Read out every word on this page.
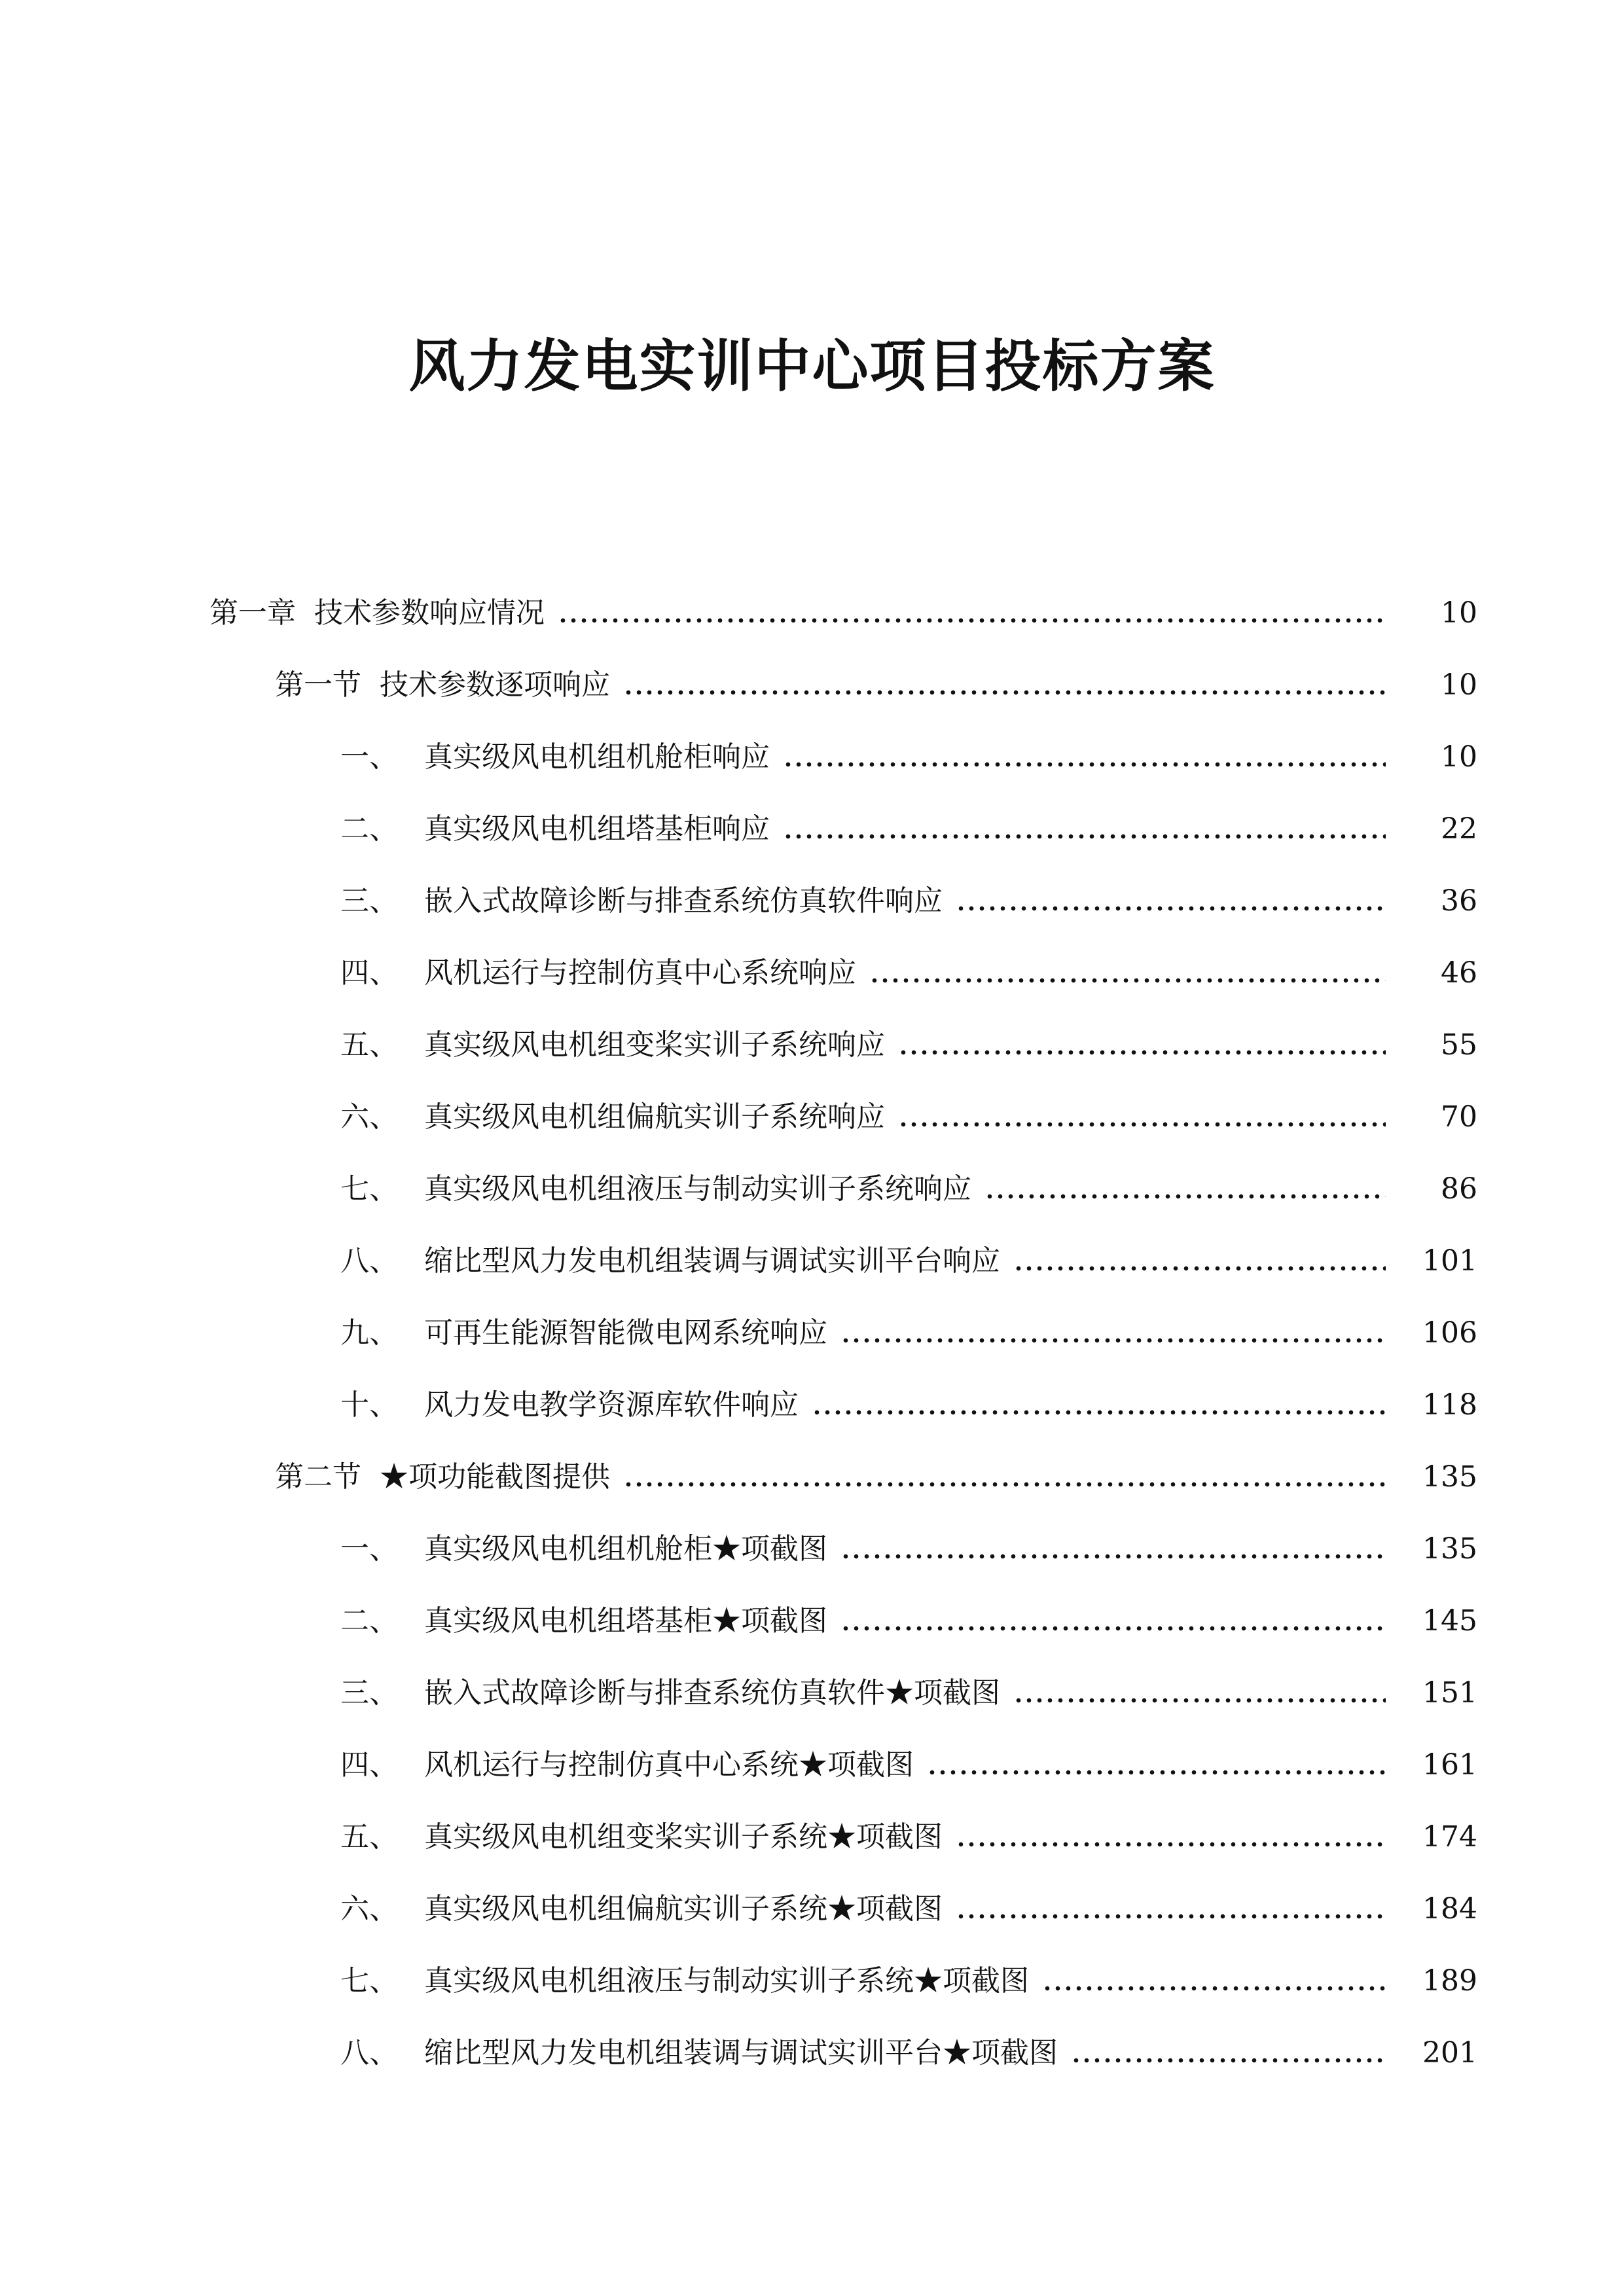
风力发电实训中心项目投标方案
第一章 技术参数响应情况	10
第一节 技术参数逐项响应	10
一、 真实级风电机组机舱柜响应	10
二、 真实级风电机组塔基柜响应	22
三、 嵌入式故障诊断与排查系统仿真软件响应	36
四、 风机运行与控制仿真中心系统响应	46
五、 真实级风电机组变桨实训子系统响应	55
六、 真实级风电机组偏航实训子系统响应	70
七、 真实级风电机组液压与制动实训子系统响应	86
八、 缩比型风力发电机组装调与调试实训平台响应	101
九、 可再生能源智能微电网系统响应	106
十、 风力发电教学资源库软件响应	118
第二节 ★项功能截图提供	135
一、 真实级风电机组机舱柜★项截图	135
二、 真实级风电机组塔基柜★项截图	145
三、 嵌入式故障诊断与排查系统仿真软件★项截图	151
四、 风机运行与控制仿真中心系统★项截图	161
五、 真实级风电机组变桨实训子系统★项截图	174
六、 真实级风电机组偏航实训子系统★项截图	184
七、 真实级风电机组液压与制动实训子系统★项截图	189
八、 缩比型风力发电机组装调与调试实训平台★项截图	201
